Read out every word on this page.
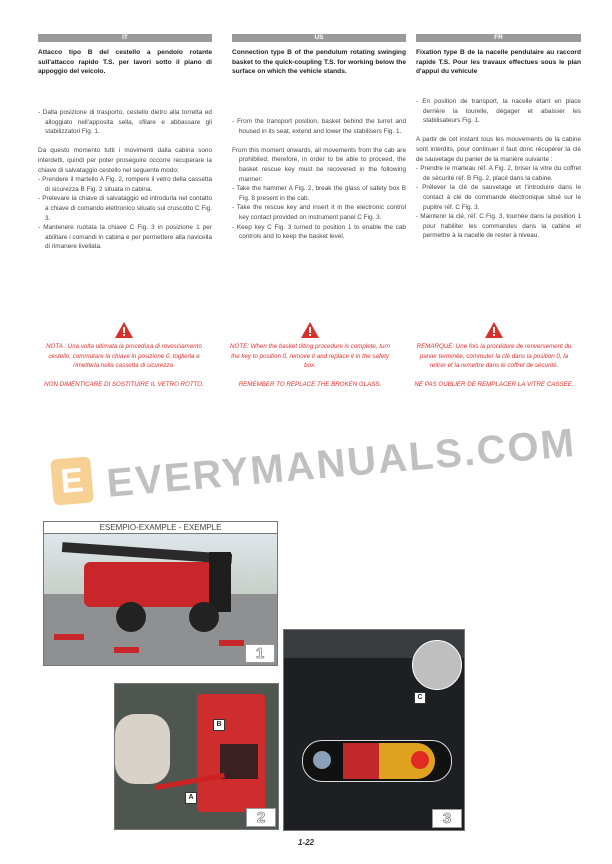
IT
Attacco tipo B del cestello a pendolo rotante sull'attacco rapido T.S. per lavori sotto il piano di appoggio del veicolo.

- Dalla posizione di trasporto, cestello dietro alla torretta ed alloggiato nell'apposita sella, sfilare e abbassare gli stabilizzatori Fig. 1.

Da questo momento tutti i movimenti dalla cabina sono interdetti, quindi per poter proseguire occorre recuperare la chiave di salvataggio cestello nel seguente modo:

- Prendere il martello A Fig. 2, rompere il vetro della cassetta di sicurezza B Fig. 2 situata in cabina.

- Prelevare la chiave di salvataggio ed introdurla nel contatto a chiave di comando elettronico situato sul cruscotto C Fig. 3.

- Mantenere ruotata la chiave C Fig. 3 in posizione 1 per abilitare i comandi in cabina e per permettere alla navicella di rimanere livellata.

US
Connection type B of the pendulum rotating swinging basket to the quick-coupling T.S. for working below the surface on which the vehicle stands.

- From the transport position, basket behind the turret and housed in its seat, extend and lower the stabilisers Fig. 1.

From this moment onwards, all movements from the cab are prohibited, therefore, in order to be able to proceed, the basket rescue key must be recovered in the following manner:

- Take the hammer A Fig. 2, break the glass of safety box B Fig. 8 present in the cab.

- Take the rescue key and insert it in the electronic control key contact provided on instrument panel C Fig. 3.

- Keep key C Fig. 3 turned to position 1 to enable the cab controls and to keep the basket level.

FR
Fixation type B de la nacelle pendulaire au raccord rapide T.S. Pour les travaux effectues sous le plan d'appui du vehicule

- En position de transport, la nacelle étant en place derrière la tourelle, dégager et abaisser les stabilisateurs Fig. 1.

A partir de cet instant tous les mouvements de la cabine sont interdits, pour continuer il faut donc récupérer la clé de sauvetage du panier de la manière suivante :

- Prendre le marteau réf. A Fig. 2, briser la vitre du coffret de sécurité réf. B Fig. 2, placé dans la cabine.

- Prélever la clé de sauvetage et l'introduire dans le contact à clé de commande électronique situé sur le pupitre réf. C Fig. 3.

- Maintenir la clé, réf. C Fig. 3, tournée dans la position 1 pour habiliter les commandes dans la cabine et permettre à la nacelle de rester à niveau.

NOTA : Una volta ultimata la procedura di rovesciamento cestello, commutare la chiave in posizione 0, toglierla e rimetterla nella cassetta di sicurezza.

NON DIMENTICARE DI SOSTITUIRE IL VETRO ROTTO.

NOTE: When the basket tilting procedure is complete, turn the key to position 0, remove it and replace it in the safety box.

REMEMBER TO REPLACE THE BROKEN GLASS.

REMARQUE: Une fois la procédure de renversement du panier terminée, commuter la clé dans la position 0, la retirer et la remettre dans le coffret de sécurité.

NE PAS OUBLIER DE REMPLACER LA VITRE CASSEE.

ESEMPIO-EXAMPLE - EXEMPLE
1
B
A
2
C
3
E EVERYMANUALS.COM
1-22
